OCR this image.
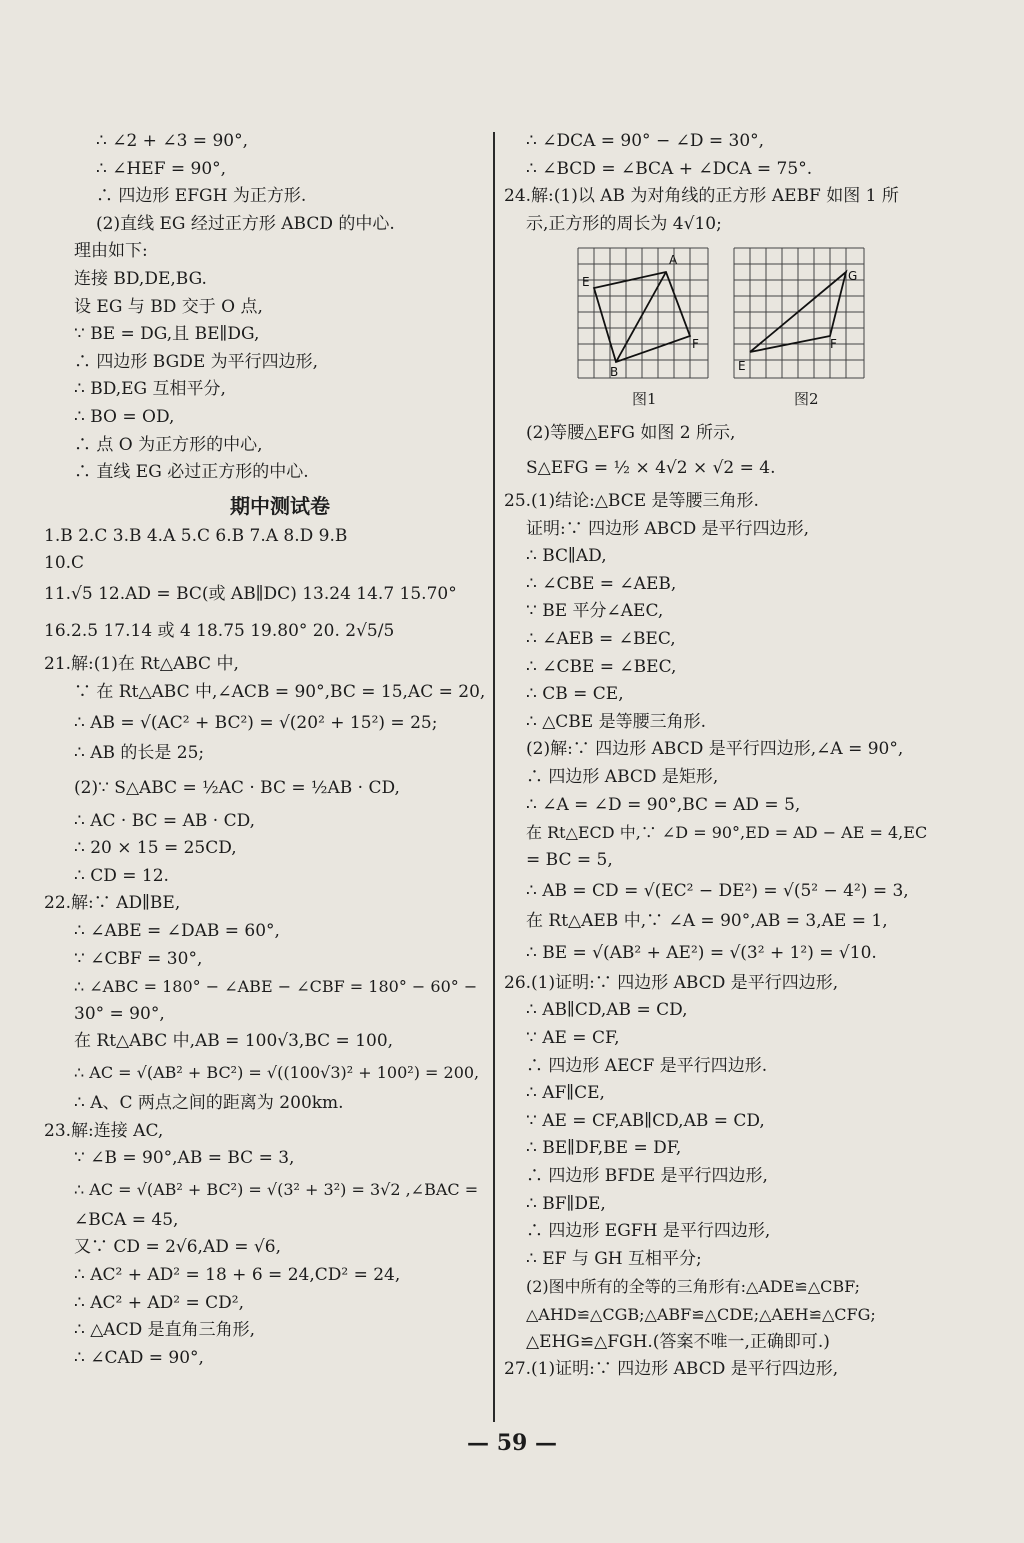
∴ ∠2 + ∠3 = 90°,
∴ ∠HEF = 90°,
∴ 四边形 EFGH 为正方形.
(2)直线 EG 经过正方形 ABCD 的中心.
理由如下:
连接 BD,DE,BG.
设 EG 与 BD 交于 O 点,
∵ BE = DG,且 BE∥DG,
∴ 四边形 BGDE 为平行四边形,
∴ BD,EG 互相平分,
∴ BO = OD,
∴ 点 O 为正方形的中心,
∴ 直线 EG 必过正方形的中心.
期中测试卷
1.B 2.C 3.B 4.A 5.C 6.B 7.A 8.D 9.B
10.C
11.√5 12.AD = BC(或 AB∥DC) 13.24 14.7 15.70°
16.2.5 17.14 或 4 18.75 19.80° 20. 2√5/5
21.解:(1)在 Rt△ABC 中,
∵ 在 Rt△ABC 中,∠ACB = 90°,BC = 15,AC = 20,
∴ AB = √(AC² + BC²) = √(20² + 15²) = 25;
∴ AB 的长是 25;
(2)∵ S△ABC = ½AC · BC = ½AB · CD,
∴ AC · BC = AB · CD,
∴ 20 × 15 = 25CD,
∴ CD = 12.
22.解:∵ AD∥BE,
∴ ∠ABE = ∠DAB = 60°,
∵ ∠CBF = 30°,
∴ ∠ABC = 180° − ∠ABE − ∠CBF = 180° − 60° −
30° = 90°,
在 Rt△ABC 中,AB = 100√3,BC = 100,
∴ AC = √(AB² + BC²) = √((100√3)² + 100²) = 200,
∴ A、C 两点之间的距离为 200km.
23.解:连接 AC,
∵ ∠B = 90°,AB = BC = 3,
∴ AC = √(AB² + BC²) = √(3² + 3²) = 3√2 ,∠BAC =
∠BCA = 45,
又∵ CD = 2√6,AD = √6,
∴ AC² + AD² = 18 + 6 = 24,CD² = 24,
∴ AC² + AD² = CD²,
∴ △ACD 是直角三角形,
∴ ∠CAD = 90°,
∴ ∠DCA = 90° − ∠D = 30°,
∴ ∠BCD = ∠BCA + ∠DCA = 75°.
24.解:(1)以 AB 为对角线的正方形 AEBF 如图 1 所
示,正方形的周长为 4√10;
A
E
B
F
图1
G
E
F
图2
(2)等腰△EFG 如图 2 所示,
S△EFG = ½ × 4√2 × √2 = 4.
25.(1)结论:△BCE 是等腰三角形.
证明:∵ 四边形 ABCD 是平行四边形,
∴ BC∥AD,
∴ ∠CBE = ∠AEB,
∵ BE 平分∠AEC,
∴ ∠AEB = ∠BEC,
∴ ∠CBE = ∠BEC,
∴ CB = CE,
∴ △CBE 是等腰三角形.
(2)解:∵ 四边形 ABCD 是平行四边形,∠A = 90°,
∴ 四边形 ABCD 是矩形,
∴ ∠A = ∠D = 90°,BC = AD = 5,
在 Rt△ECD 中,∵ ∠D = 90°,ED = AD − AE = 4,EC
= BC = 5,
∴ AB = CD = √(EC² − DE²) = √(5² − 4²) = 3,
在 Rt△AEB 中,∵ ∠A = 90°,AB = 3,AE = 1,
∴ BE = √(AB² + AE²) = √(3² + 1²) = √10.
26.(1)证明:∵ 四边形 ABCD 是平行四边形,
∴ AB∥CD,AB = CD,
∵ AE = CF,
∴ 四边形 AECF 是平行四边形.
∴ AF∥CE,
∵ AE = CF,AB∥CD,AB = CD,
∴ BE∥DF,BE = DF,
∴ 四边形 BFDE 是平行四边形,
∴ BF∥DE,
∴ 四边形 EGFH 是平行四边形,
∴ EF 与 GH 互相平分;
(2)图中所有的全等的三角形有:△ADE≌△CBF;
△AHD≌△CGB;△ABF≌△CDE;△AEH≌△CFG;
△EHG≌△FGH.(答案不唯一,正确即可.)
27.(1)证明:∵ 四边形 ABCD 是平行四边形,
— 59 —
